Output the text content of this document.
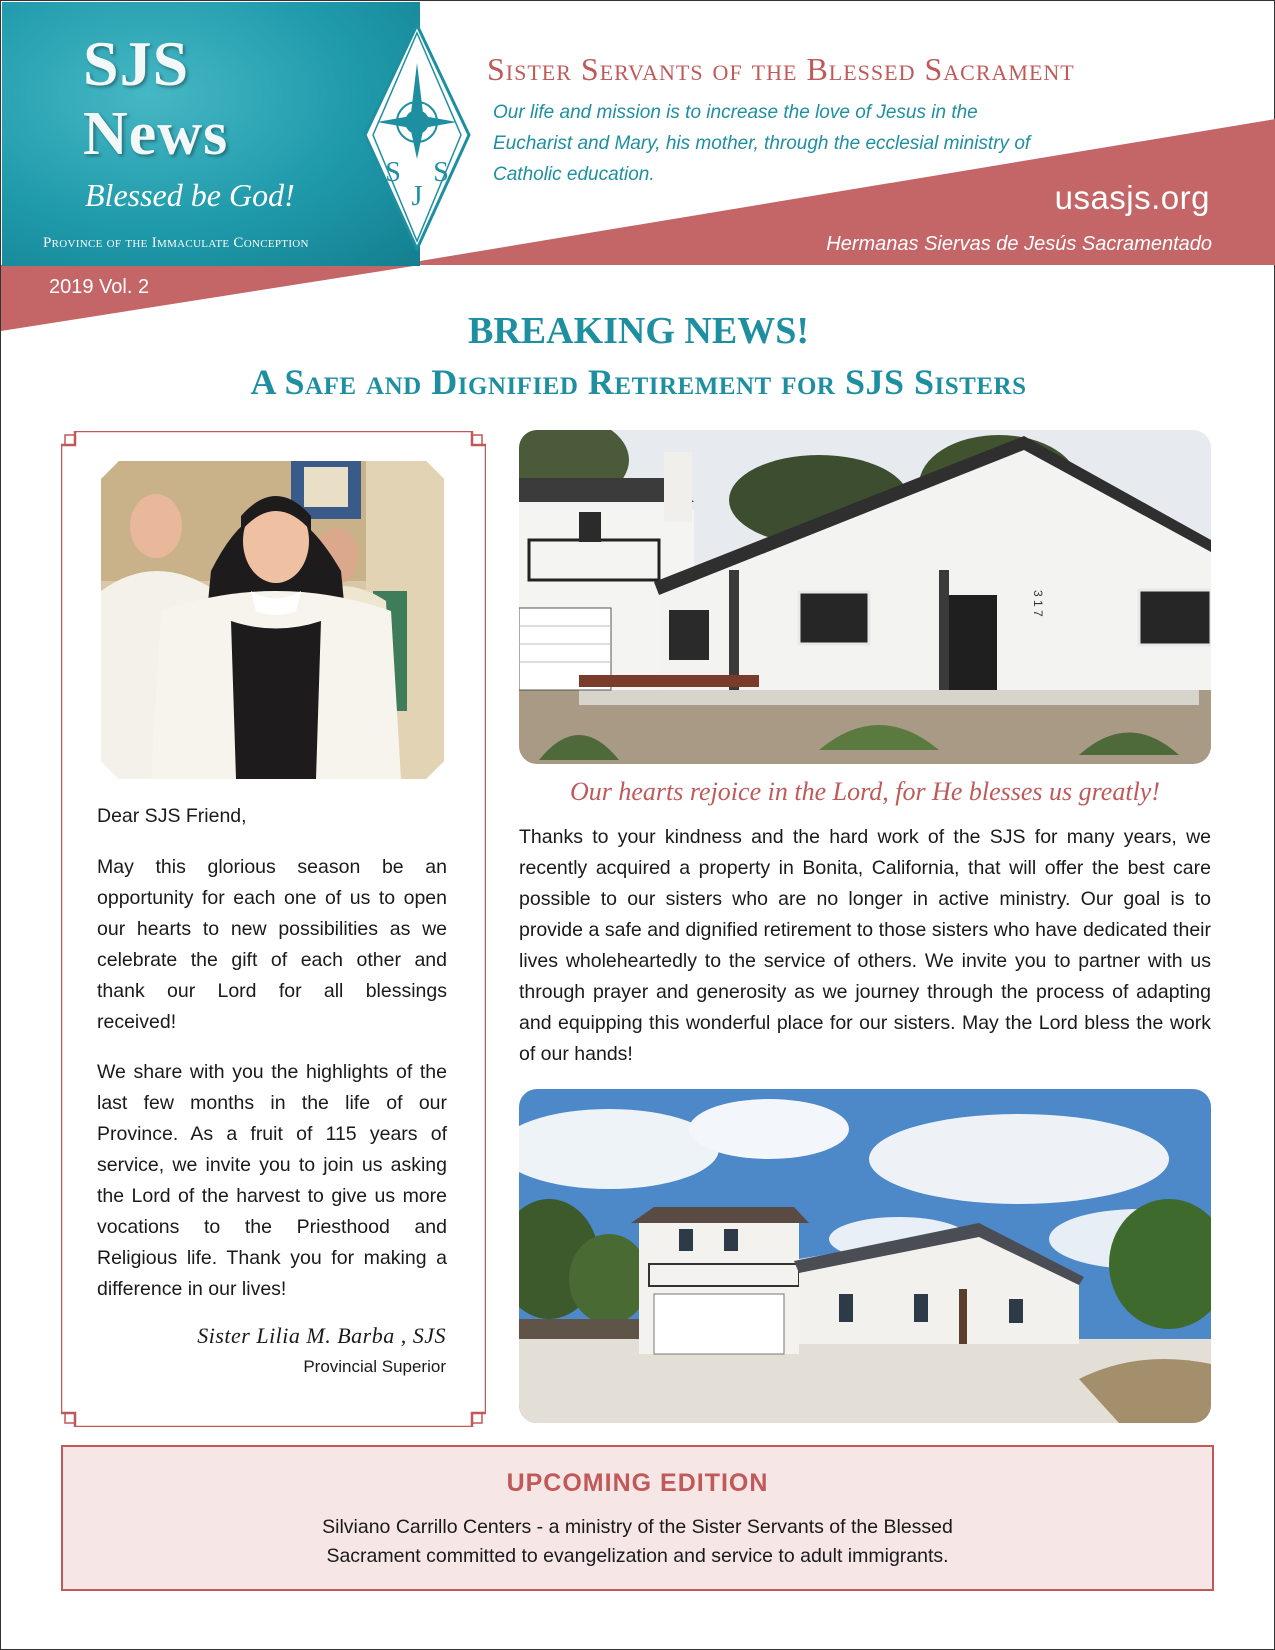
SJS
News
Blessed be God!
Province of the Immaculate Conception
2019 Vol. 2
S
J
S
Sister Servants of the Blessed Sacrament
Our life and mission is to increase the love of Jesus in the Eucharist and Mary, his mother, through the ecclesial ministry of Catholic education.
usasjs.org
Hermanas Siervas de Jesús Sacramentado
BREAKING NEWS!
A Safe and Dignified Retirement for SJS Sisters
Dear SJS Friend,
May this glorious season be an opportunity for each one of us to open our hearts to new possibilities as we celebrate the gift of each other and thank our Lord for all blessings received!
We share with you the highlights of the last few months in the life of our Province. As a fruit of 115 years of service, we invite you to join us asking the Lord of the harvest to give us more vocations to the Priesthood and Religious life. Thank you for making a difference in our lives!
Sister Lilia M. Barba , SJS
Provincial Superior
3 1 7
Our hearts rejoice in the Lord, for He blesses us greatly!
Thanks to your kindness and the hard work of the SJS for many years, we recently acquired a property in Bonita, California, that will offer the best care possible to our sisters who are no longer in active ministry. Our goal is to provide a safe and dignified retirement to those sisters who have dedicated their lives wholeheartedly to the service of others. We invite you to partner with us through prayer and generosity as we journey through the process of adapting and equipping this wonderful place for our sisters. May the Lord bless the work of our hands!
UPCOMING EDITION
Silviano Carrillo Centers - a ministry of the Sister Servants of the Blessed
Sacrament committed to evangelization and service to adult immigrants.
